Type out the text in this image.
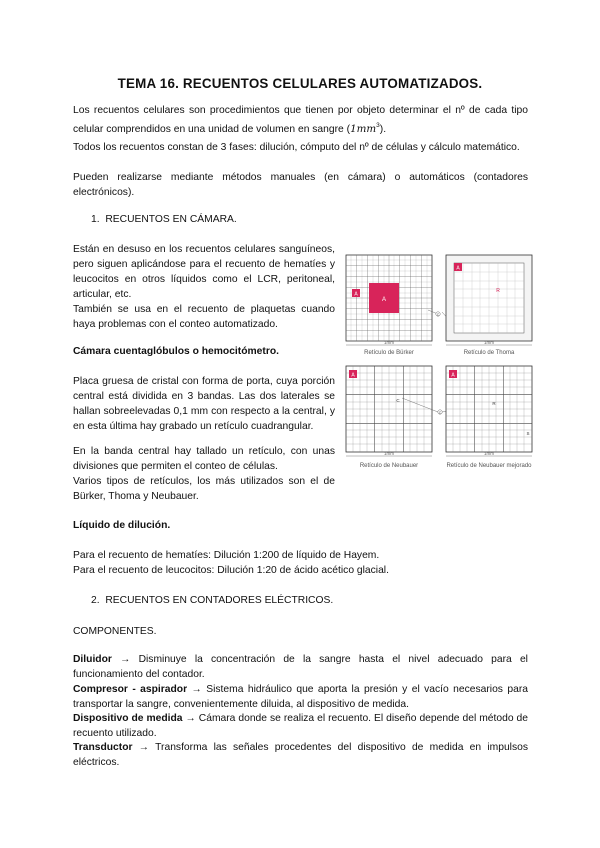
TEMA 16. RECUENTOS CELULARES AUTOMATIZADOS.

Los recuentos celulares son procedimientos que tienen por objeto determinar el nº de cada tipo celular comprendidos en una unidad de volumen en sangre $(1mm^3)$.

Todos los recuentos constan de 3 fases: dilución, cómputo del nº de células y cálculo matemático.

Pueden realizarse mediante métodos manuales (en cámara) o automáticos (contadores electrónicos).

1. RECUENTOS EN CÁMARA.

Están en desuso en los recuentos celulares sanguíneos, pero siguen aplicándose para el recuento de hematíes y leucocitos en otros líquidos como el LCR, peritoneal, articular, etc.

También se usa en el recuento de plaquetas cuando haya problemas con el conteo automatizado.

Cámara cuentaglóbulos o hemocitómetro.

Placa gruesa de cristal con forma de porta, cuya porción central está dividida en 3 bandas. Las dos laterales se hallan sobreelevadas 0,1 mm con respecto a la central, y en esta última hay grabado un retículo cuadrangular.

En la banda central hay tallado un retículo, con unas divisiones que permiten el conteo de células.

Varios tipos de retículos, los más utilizados son el de Bürker, Thoma y Neubauer.

Líquido de dilución.
Para el recuento de hematíes: Dilución 1:200 de líquido de Hayem.
Para el recuento de leucocitos: Dilución 1:20 de ácido acético glacial.
2. RECUENTOS EN CONTADORES ELÉCTRICOS.
COMPONENTES.

Diluidor → Disminuye la concentración de la sangre hasta el nivel adecuado para el funcionamiento del contador.

Compresor - aspirador → Sistema hidráulico que aporta la presión y el vacío necesarios para transportar la sangre, convenientemente diluida, al dispositivo de medida.

Dispositivo de medida → Cámara donde se realiza el recuento. El diseño depende del método de recuento utilizado.

Transductor → Transforma las señales procedentes del dispositivo de medida en impulsos eléctricos.

A
A
1mm
Retículo de Bürker
C
A
R
1mm
Retículo de Thoma
A
C
1mm
Retículo de Neubauer
C
A
R
S
1mm
Retículo de Neubauer mejorado
